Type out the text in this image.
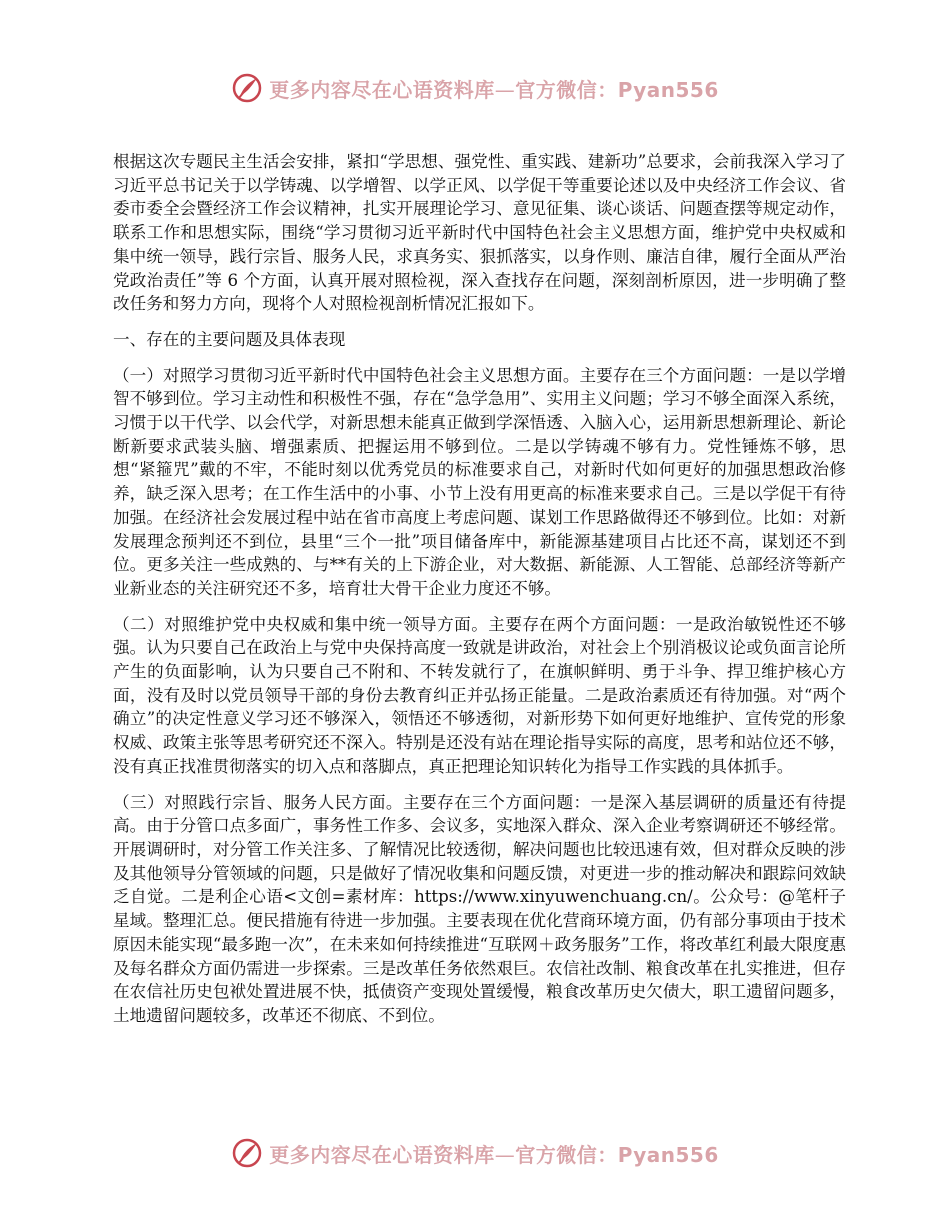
更多内容尽在心语资料库—官方微信：Pyan556

根据这次专题民主生活会安排，紧扣“学思想、强党性、重实践、建新功”总要求，会前我深入学习了习近平总书记关于以学铸魂、以学增智、以学正风、以学促干等重要论述以及中央经济工作会议、省委市委全会暨经济工作会议精神，扎实开展理论学习、意见征集、谈心谈话、问题查摆等规定动作，联系工作和思想实际，围绕“学习贯彻习近平新时代中国特色社会主义思想方面，维护党中央权威和集中统一领导，践行宗旨、服务人民，求真务实、狠抓落实，以身作则、廉洁自律，履行全面从严治党政治责任”等 6 个方面，认真开展对照检视，深入查找存在问题，深刻剖析原因，进一步明确了整改任务和努力方向，现将个人对照检视剖析情况汇报如下。

一、存在的主要问题及具体表现

（一）对照学习贯彻习近平新时代中国特色社会主义思想方面。主要存在三个方面问题：一是以学增智不够到位。学习主动性和积极性不强，存在“急学急用”、实用主义问题；学习不够全面深入系统，习惯于以干代学、以会代学，对新思想未能真正做到学深悟透、入脑入心，运用新思想新理论、新论断新要求武装头脑、增强素质、把握运用不够到位。二是以学铸魂不够有力。党性锤炼不够，思想“紧箍咒”戴的不牢，不能时刻以优秀党员的标准要求自己，对新时代如何更好的加强思想政治修养，缺乏深入思考；在工作生活中的小事、小节上没有用更高的标准来要求自己。三是以学促干有待加强。在经济社会发展过程中站在省市高度上考虑问题、谋划工作思路做得还不够到位。比如：对新发展理念预判还不到位，县里“三个一批”项目储备库中，新能源基建项目占比还不高，谋划还不到位。更多关注一些成熟的、与**有关的上下游企业，对大数据、新能源、人工智能、总部经济等新产业新业态的关注研究还不多，培育壮大骨干企业力度还不够。

（二）对照维护党中央权威和集中统一领导方面。主要存在两个方面问题：一是政治敏锐性还不够强。认为只要自己在政治上与党中央保持高度一致就是讲政治，对社会上个别消极议论或负面言论所产生的负面影响，认为只要自己不附和、不转发就行了，在旗帜鲜明、勇于斗争、捍卫维护核心方面，没有及时以党员领导干部的身份去教育纠正并弘扬正能量。二是政治素质还有待加强。对“两个确立”的决定性意义学习还不够深入，领悟还不够透彻，对新形势下如何更好地维护、宣传党的形象权威、政策主张等思考研究还不深入。特别是还没有站在理论指导实际的高度，思考和站位还不够，没有真正找准贯彻落实的切入点和落脚点，真正把理论知识转化为指导工作实践的具体抓手。

（三）对照践行宗旨、服务人民方面。主要存在三个方面问题：一是深入基层调研的质量还有待提高。由于分管口点多面广，事务性工作多、会议多，实地深入群众、深入企业考察调研还不够经常。开展调研时，对分管工作关注多、了解情况比较透彻，解决问题也比较迅速有效，但对群众反映的涉及其他领导分管领域的问题，只是做好了情况收集和问题反馈，对更进一步的推动解决和跟踪问效缺乏自觉。二是利企心语<文创=素材库：https://www.xinyuwenchuang.cn/。公众号：@笔杆子星域。整理汇总。便民措施有待进一步加强。主要表现在优化营商环境方面，仍有部分事项由于技术原因未能实现“最多跑一次”，在未来如何持续推进“互联网＋政务服务”工作，将改革红利最大限度惠及每名群众方面仍需进一步探索。三是改革任务依然艰巨。农信社改制、粮食改革在扎实推进，但存在农信社历史包袱处置进展不快，抵债资产变现处置缓慢，粮食改革历史欠债大，职工遗留问题多，土地遗留问题较多，改革还不彻底、不到位。

更多内容尽在心语资料库—官方微信：Pyan556
